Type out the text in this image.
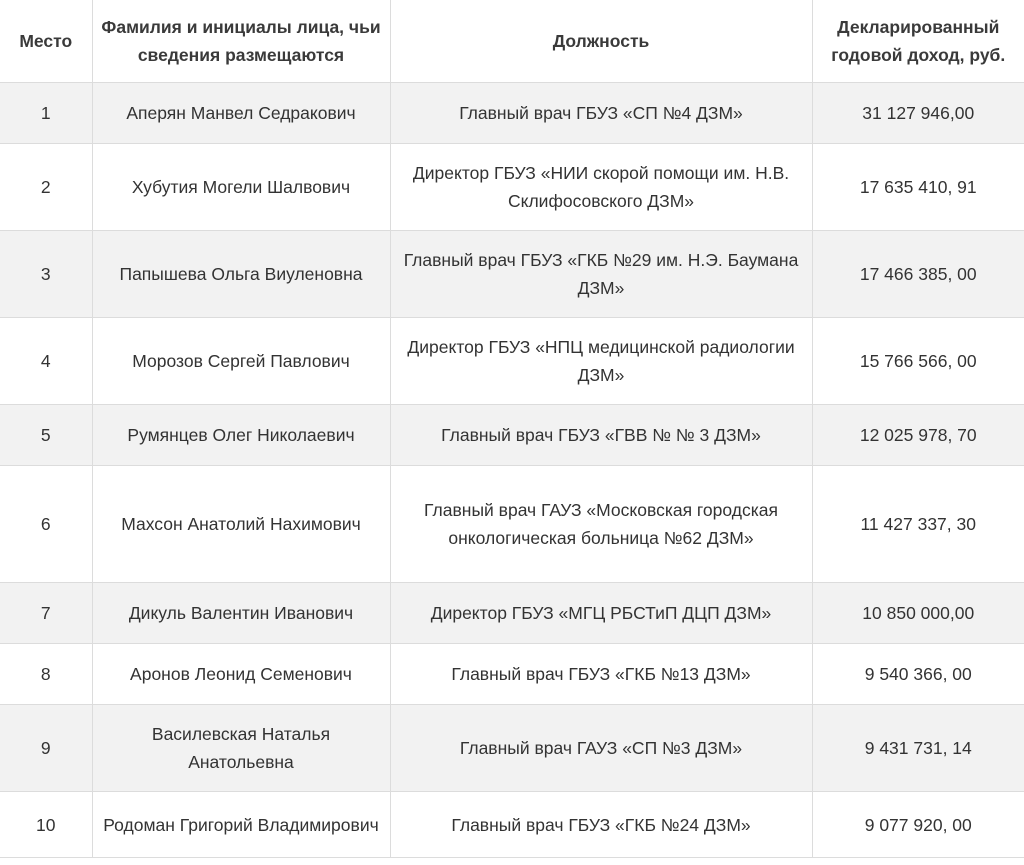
Место	Фамилия и инициалы лица, чьи сведения размещаются	Должность	Декларированный годовой доход, руб.
1	Аперян Манвел Седракович	Главный врач ГБУЗ «СП №4 ДЗМ»	31 127 946,00
2	Хубутия Могели Шалвович	Директор ГБУЗ «НИИ скорой помощи им. Н.В. Склифосовского ДЗМ»	17 635 410, 91
3	Папышева Ольга Виуленовна	Главный врач ГБУЗ «ГКБ №29 им. Н.Э. Баумана ДЗМ»	17 466 385, 00
4	Морозов Сергей Павлович	Директор ГБУЗ «НПЦ медицинской радиологии ДЗМ»	15 766 566, 00
5	Румянцев Олег Николаевич	Главный врач ГБУЗ «ГВВ № № 3 ДЗМ»	12 025 978, 70
6	Махсон Анатолий Нахимович	Главный врач ГАУЗ «Московская городская онкологическая больница №62 ДЗМ»	11 427 337, 30
7	Дикуль Валентин Иванович	Директор ГБУЗ «МГЦ РБСТиП ДЦП ДЗМ»	10 850 000,00
8	Аронов Леонид Семенович	Главный врач ГБУЗ «ГКБ №13 ДЗМ»	9 540 366, 00
9	Василевская Наталья Анатольевна	Главный врач ГАУЗ «СП №3 ДЗМ»	9 431 731, 14
10	Родоман Григорий Владимирович	Главный врач ГБУЗ «ГКБ №24 ДЗМ»	9 077 920, 00
